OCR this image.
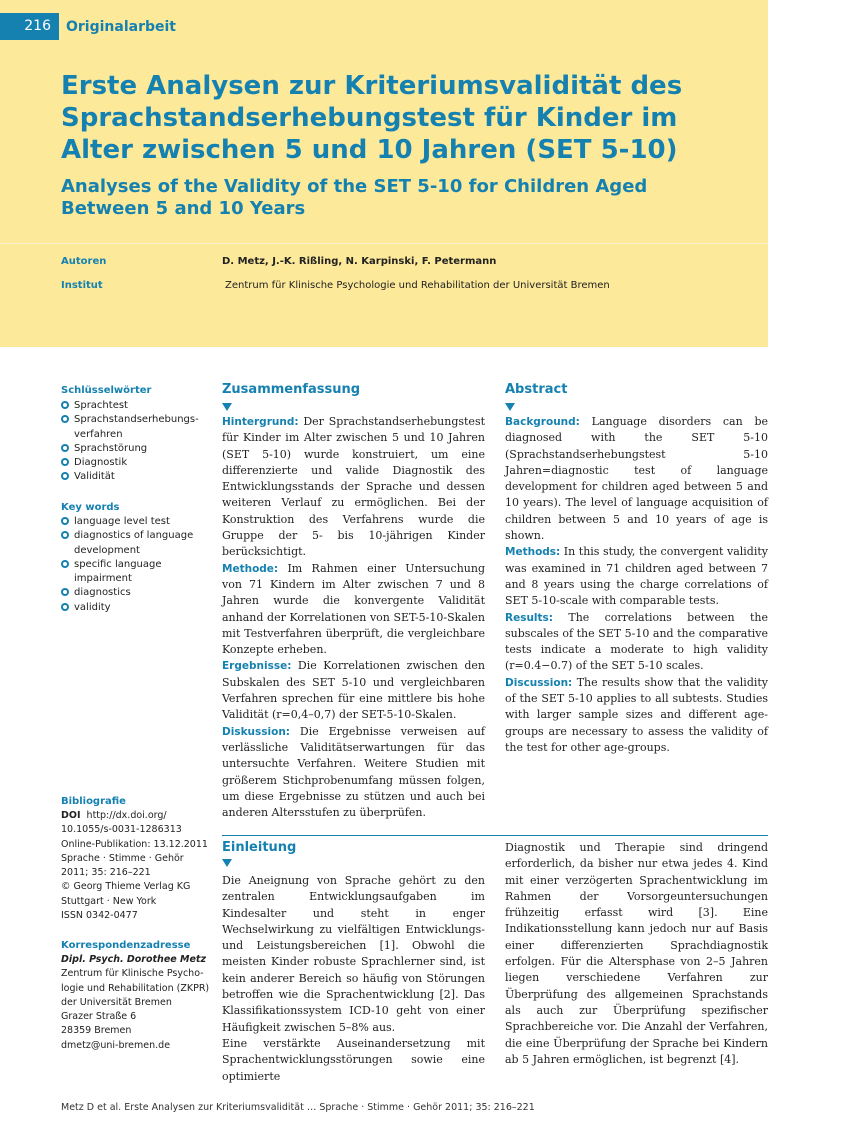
216	Originalarbeit
Erste Analysen zur Kriteriumsvalidität des Sprachstandserhebungstest für Kinder im Alter zwischen 5 und 10 Jahren (SET 5-10)
Analyses of the Validity of the SET 5-10 for Children Aged Between 5 and 10 Years
Autoren	D. Metz, J.-K. Rißling, N. Karpinski, F. Petermann
Institut	Zentrum für Klinische Psychologie und Rehabilitation der Universität Bremen
Schlüsselwörter
Sprachtest
Sprachstandserhebungs-verfahren
Sprachstörung
Diagnostik
Validität
Key words
language level test
diagnostics of language development
specific language impairment
diagnostics
validity
Zusammenfassung
Hintergrund: Der Sprachstandserhebungstest für Kinder im Alter zwischen 5 und 10 Jahren (SET 5-10) wurde konstruiert, um eine differenzierte und valide Diagnostik des Entwicklungsstands der Sprache und dessen weiteren Verlauf zu ermöglichen. Bei der Konstruktion des Verfahrens wurde die Gruppe der 5- bis 10-jährigen Kinder berücksichtigt.
Methode: Im Rahmen einer Untersuchung von 71 Kindern im Alter zwischen 7 und 8 Jahren wurde die konvergente Validität anhand der Korrelationen von SET-5-10-Skalen mit Testverfahren überprüft, die vergleichbare Konzepte erheben.
Ergebnisse: Die Korrelationen zwischen den Subskalen des SET 5-10 und vergleichbaren Verfahren sprechen für eine mittlere bis hohe Validität (r=0,4–0,7) der SET-5-10-Skalen.
Diskussion: Die Ergebnisse verweisen auf verlässliche Validitätserwartungen für das untersuchte Verfahren. Weitere Studien mit größerem Stichprobenumfang müssen folgen, um diese Ergebnisse zu stützen und auch bei anderen Altersstufen zu überprüfen.
Abstract
Background: Language disorders can be diagnosed with the SET 5-10 (Sprachstandserhebungstest 5-10 Jahren=diagnostic test of language development for children aged between 5 and 10 years). The level of language acquisition of children between 5 and 10 years of age is shown.
Methods: In this study, the convergent validity was examined in 71 children aged between 7 and 8 years using the charge correlations of SET 5-10-scale with comparable tests.
Results: The correlations between the subscales of the SET 5-10 and the comparative tests indicate a moderate to high validity (r=0.4−0.7) of the SET 5-10 scales.
Discussion: The results show that the validity of the SET 5-10 applies to all subtests. Studies with larger sample sizes and different age-groups are necessary to assess the validity of the test for other age-groups.
Bibliografie
DOI http://dx.doi.org/
10.1055/s-0031-1286313
Online-Publikation: 13.12.2011
Sprache · Stimme · Gehör
2011; 35: 216–221
© Georg Thieme Verlag KG
Stuttgart · New York
ISSN 0342-0477
Korrespondenzadresse
Dipl. Psych. Dorothee Metz
Zentrum für Klinische Psycho-
logie und Rehabilitation (ZKPR)
der Universität Bremen
Grazer Straße 6
28359 Bremen
dmetz@uni-bremen.de
Einleitung
Die Aneignung von Sprache gehört zu den zentralen Entwicklungsaufgaben im Kindesalter und steht in enger Wechselwirkung zu vielfältigen Entwicklungs- und Leistungsbereichen [1]. Obwohl die meisten Kinder robuste Sprachlerner sind, ist kein anderer Bereich so häufig von Störungen betroffen wie die Sprachentwicklung [2]. Das Klassifikationssystem ICD-10 geht von einer Häufigkeit zwischen 5–8% aus.
Eine verstärkte Auseinandersetzung mit Sprachentwicklungsstörungen sowie eine optimierte
Diagnostik und Therapie sind dringend erforderlich, da bisher nur etwa jedes 4. Kind mit einer verzögerten Sprachentwicklung im Rahmen der Vorsorgeuntersuchungen frühzeitig erfasst wird [3]. Eine Indikationsstellung kann jedoch nur auf Basis einer differenzierten Sprachdiagnostik erfolgen. Für die Altersphase von 2–5 Jahren liegen verschiedene Verfahren zur Überprüfung des allgemeinen Sprachstands als auch zur Überprüfung spezifischer Sprachbereiche vor. Die Anzahl der Verfahren, die eine Überprüfung der Sprache bei Kindern ab 5 Jahren ermöglichen, ist begrenzt [4].
Metz D et al. Erste Analysen zur Kriteriumsvalidität … Sprache · Stimme · Gehör 2011; 35: 216–221
